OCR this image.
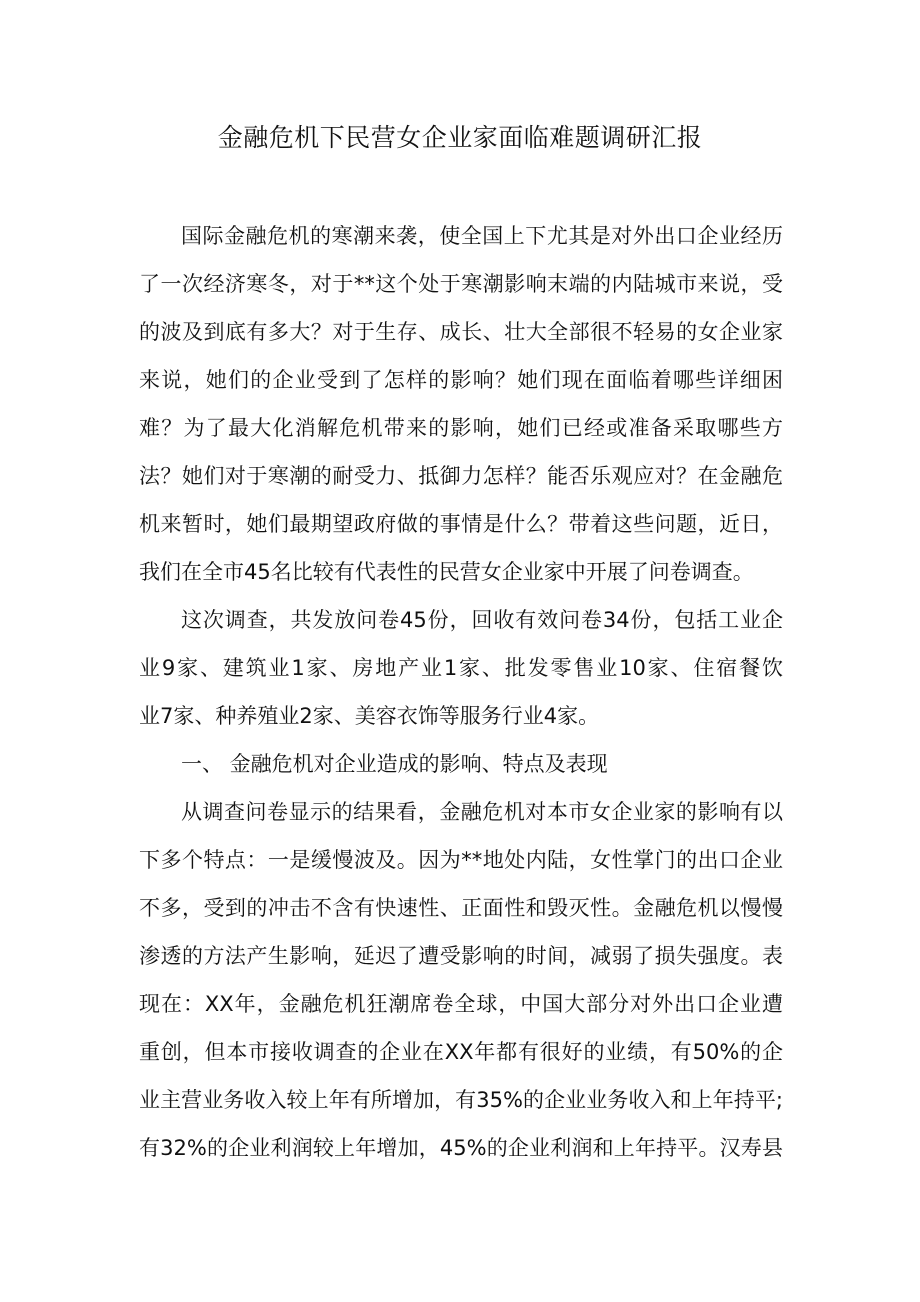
金融危机下民营女企业家面临难题调研汇报
国际金融危机的寒潮来袭，使全国上下尤其是对外出口企业经历
了一次经济寒冬，对于**这个处于寒潮影响末端的内陆城市来说，受
的波及到底有多大？对于生存、成长、壮大全部很不轻易的女企业家
来说，她们的企业受到了怎样的影响？她们现在面临着哪些详细困
难？为了最大化消解危机带来的影响，她们已经或准备采取哪些方
法？她们对于寒潮的耐受力、抵御力怎样？能否乐观应对？在金融危
机来暂时，她们最期望政府做的事情是什么？带着这些问题，近日，
我们在全市45名比较有代表性的民营女企业家中开展了问卷调查。
这次调查，共发放问卷45份，回收有效问卷34份，包括工业企
业9家、建筑业1家、房地产业1家、批发零售业10家、住宿餐饮
业7家、种养殖业2家、美容衣饰等服务行业4家。
一、 金融危机对企业造成的影响、特点及表现
从调查问卷显示的结果看，金融危机对本市女企业家的影响有以
下多个特点：一是缓慢波及。因为**地处内陆，女性掌门的出口企业
不多，受到的冲击不含有快速性、正面性和毁灭性。金融危机以慢慢
渗透的方法产生影响，延迟了遭受影响的时间，减弱了损失强度。表
现在：XX年，金融危机狂潮席卷全球，中国大部分对外出口企业遭
重创，但本市接收调查的企业在XX年都有很好的业绩，有50%的企
业主营业务收入较上年有所增加，有35%的企业业务收入和上年持平;
有32%的企业利润较上年增加，45%的企业利润和上年持平。汉寿县
